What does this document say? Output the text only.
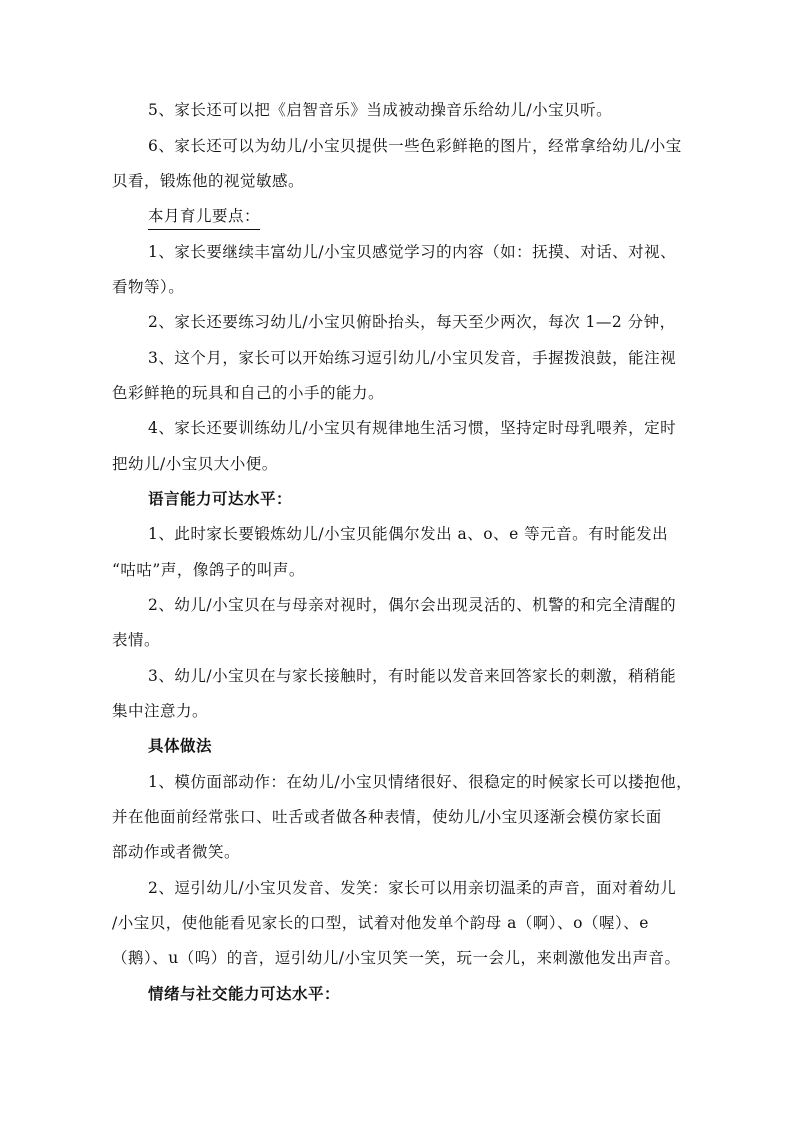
5、家长还可以把《启智音乐》当成被动操音乐给幼儿/小宝贝听。
6、家长还可以为幼儿/小宝贝提供一些色彩鲜艳的图片，经常拿给幼儿/小宝
贝看，锻炼他的视觉敏感。
本月育儿要点：
1、家长要继续丰富幼儿/小宝贝感觉学习的内容（如：抚摸、对话、对视、
看物等）。
2、家长还要练习幼儿/小宝贝俯卧抬头，每天至少两次，每次 1—2 分钟，
3、这个月，家长可以开始练习逗引幼儿/小宝贝发音，手握拨浪鼓，能注视
色彩鲜艳的玩具和自己的小手的能力。
4、家长还要训练幼儿/小宝贝有规律地生活习惯，坚持定时母乳喂养，定时
把幼儿/小宝贝大小便。
语言能力可达水平：
1、此时家长要锻炼幼儿/小宝贝能偶尔发出 a、o、e 等元音。有时能发出
“咕咕”声，像鸽子的叫声。
2、幼儿/小宝贝在与母亲对视时，偶尔会出现灵活的、机警的和完全清醒的
表情。
3、幼儿/小宝贝在与家长接触时，有时能以发音来回答家长的刺激，稍稍能
集中注意力。
具体做法
1、模仿面部动作：在幼儿/小宝贝情绪很好、很稳定的时候家长可以搂抱他，
并在他面前经常张口、吐舌或者做各种表情，使幼儿/小宝贝逐渐会模仿家长面
部动作或者微笑。
2、逗引幼儿/小宝贝发音、发笑：家长可以用亲切温柔的声音，面对着幼儿
/小宝贝，使他能看见家长的口型，试着对他发单个韵母 a（啊）、o（喔）、e
（鹅）、u（呜）的音，逗引幼儿/小宝贝笑一笑，玩一会儿，来刺激他发出声音。
情绪与社交能力可达水平：
